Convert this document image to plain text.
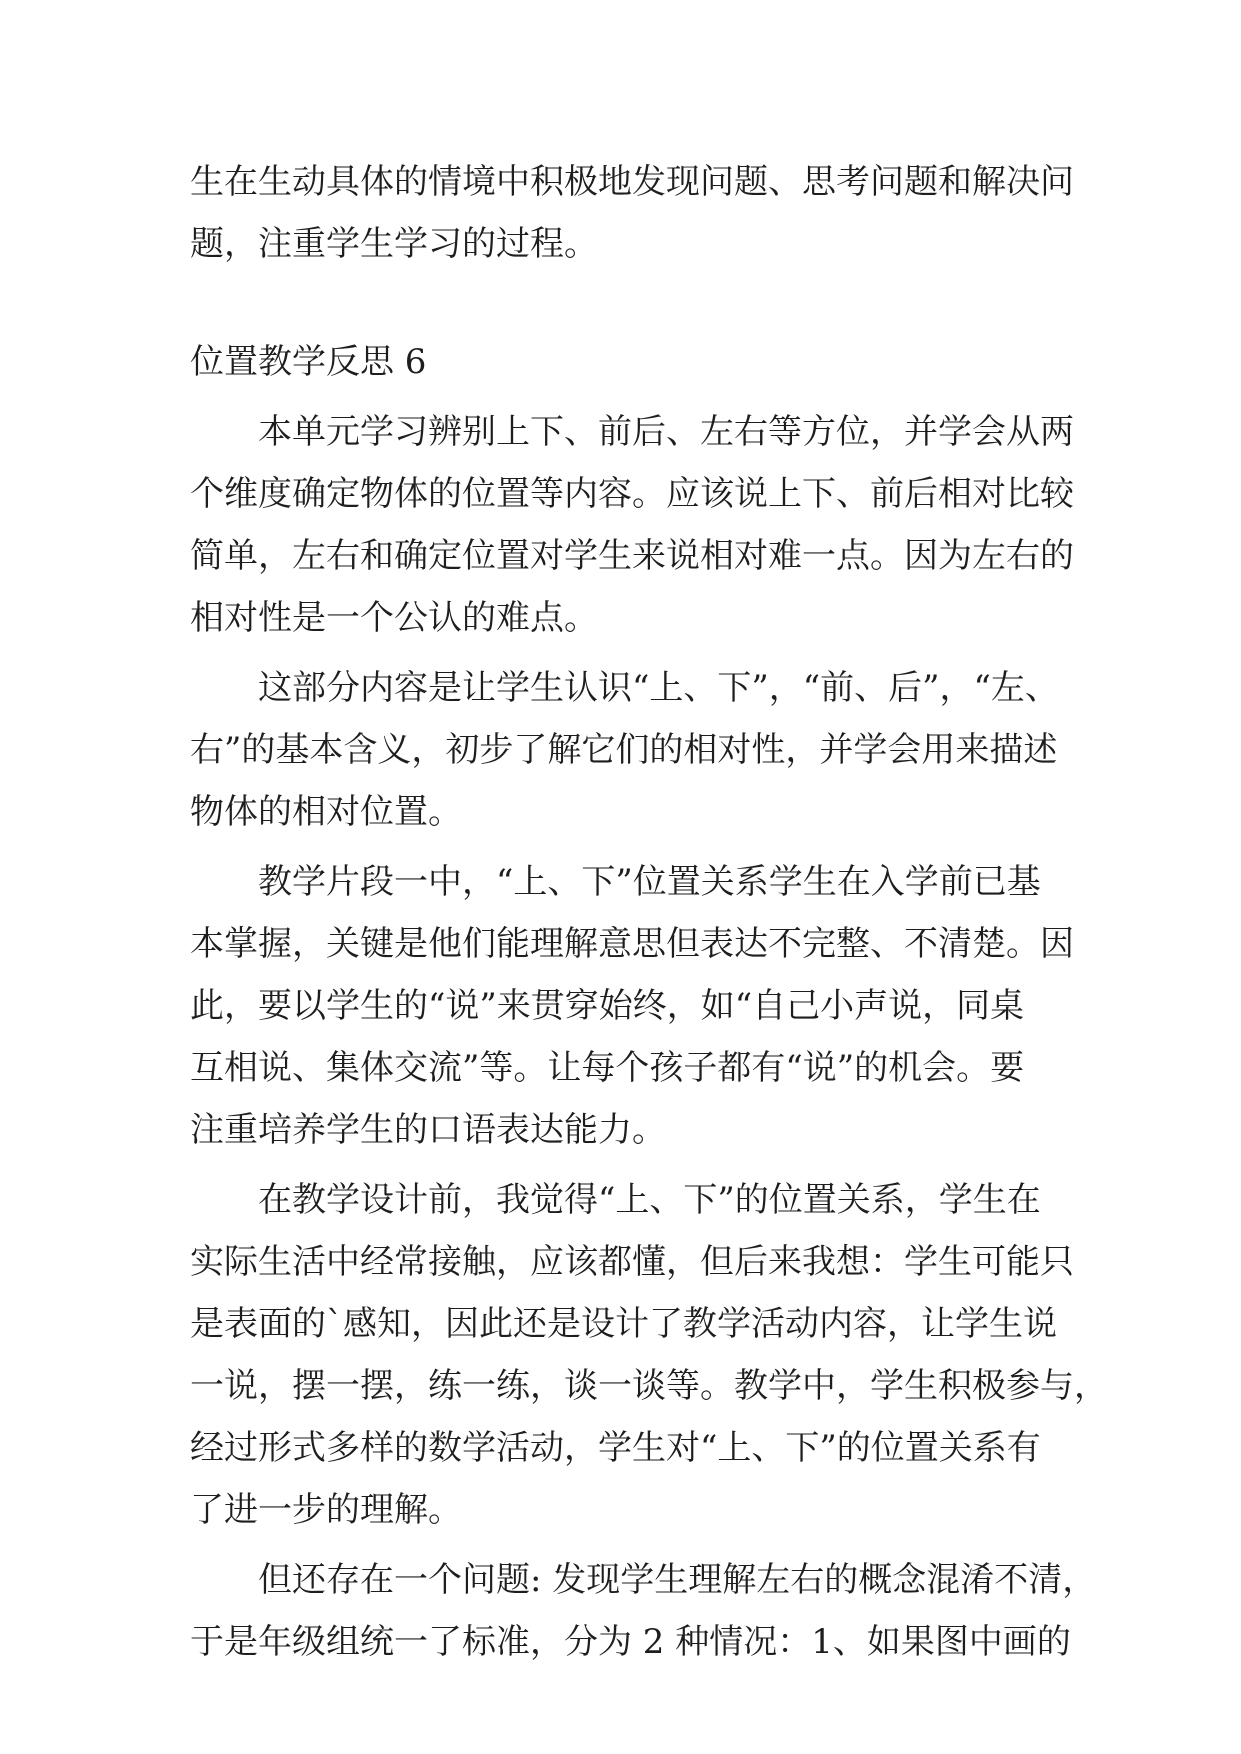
生在生动具体的情境中积极地发现问题、思考问题和解决问
题，注重学生学习的过程。
位置教学反思 6
本单元学习辨别上下、前后、左右等方位，并学会从两
个维度确定物体的位置等内容。应该说上下、前后相对比较
简单，左右和确定位置对学生来说相对难一点。因为左右的
相对性是一个公认的难点。
这部分内容是让学生认识“上、下”，“前、后”，“左、
右”的基本含义，初步了解它们的相对性，并学会用来描述
物体的相对位置。
教学片段一中，“上、下”位置关系学生在入学前已基
本掌握，关键是他们能理解意思但表达不完整、不清楚。因
此，要以学生的“说”来贯穿始终，如“自己小声说，同桌
互相说、集体交流”等。让每个孩子都有“说”的机会。要
注重培养学生的口语表达能力。
在教学设计前，我觉得“上、下”的位置关系，学生在
实际生活中经常接触，应该都懂，但后来我想：学生可能只
是表面的`感知，因此还是设计了教学活动内容，让学生说
一说，摆一摆，练一练，谈一谈等。教学中，学生积极参与，
经过形式多样的数学活动，学生对“上、下”的位置关系有
了进一步的理解。
但还存在一个问题: 发现学生理解左右的概念混淆不清，
于是年级组统一了标准，分为 2 种情况：1、如果图中画的
